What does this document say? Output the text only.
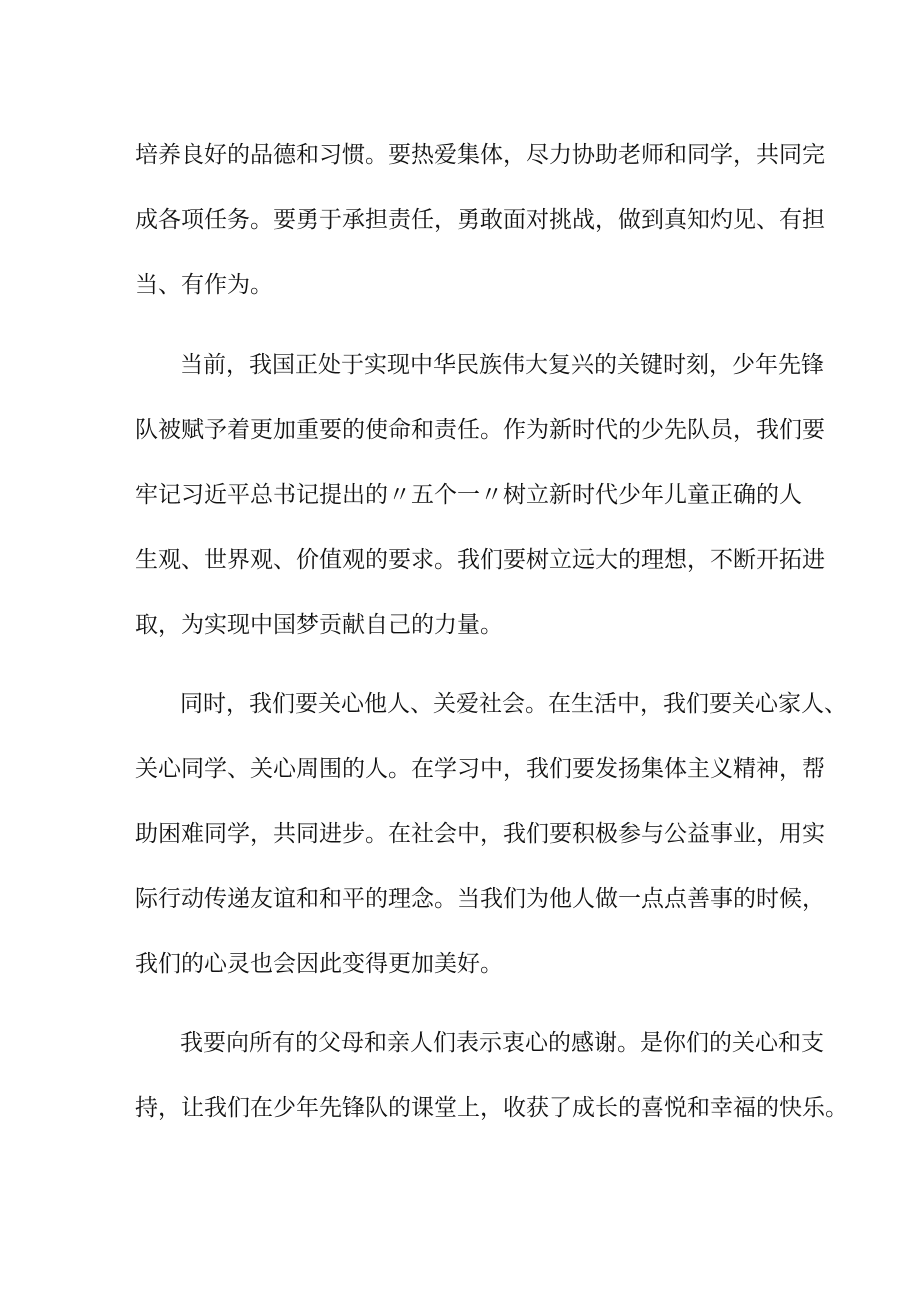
培养良好的品德和习惯。要热爱集体，尽力协助老师和同学，共同完

成各项任务。要勇于承担责任，勇敢面对挑战，做到真知灼见、有担

当、有作为。

当前，我国正处于实现中华民族伟大复兴的关键时刻，少年先锋

队被赋予着更加重要的使命和责任。作为新时代的少先队员，我们要

牢记习近平总书记提出的〃五个一〃树立新时代少年儿童正确的人

生观、世界观、价值观的要求。我们要树立远大的理想，不断开拓进

取，为实现中国梦贡献自己的力量。

同时，我们要关心他人、关爱社会。在生活中，我们要关心家人、

关心同学、关心周围的人。在学习中，我们要发扬集体主义精神，帮

助困难同学，共同进步。在社会中，我们要积极参与公益事业，用实

际行动传递友谊和和平的理念。当我们为他人做一点点善事的时候，

我们的心灵也会因此变得更加美好。

我要向所有的父母和亲人们表示衷心的感谢。是你们的关心和支

持，让我们在少年先锋队的课堂上，收获了成长的喜悦和幸福的快乐。
